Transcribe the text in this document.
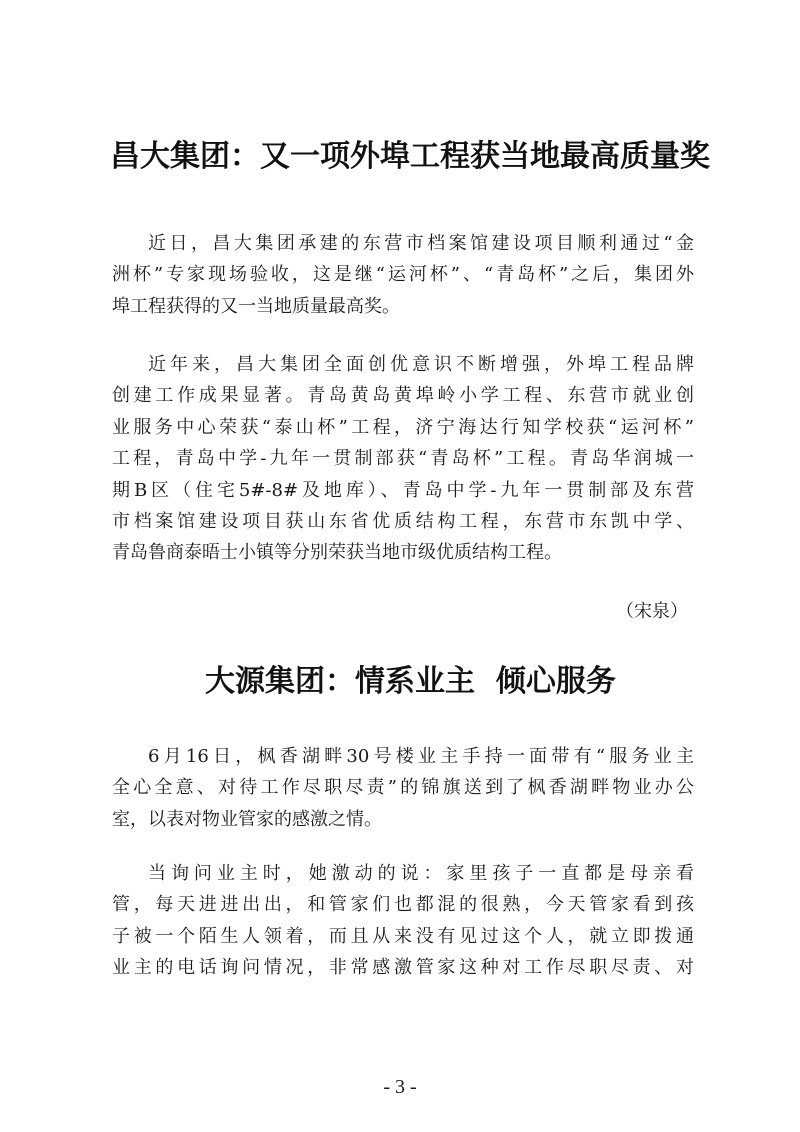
昌大集团：又一项外埠工程获当地最高质量奖
近日，昌大集团承建的东营市档案馆建设项目顺利通过“金
洲杯”专家现场验收，这是继“运河杯”、“青岛杯”之后，集团外
埠工程获得的又一当地质量最高奖。
近年来，昌大集团全面创优意识不断增强，外埠工程品牌
创建工作成果显著。青岛黄岛黄埠岭小学工程、东营市就业创
业服务中心荣获“泰山杯”工程，济宁海达行知学校获“运河杯”
工程，青岛中学-九年一贯制部获“青岛杯”工程。青岛华润城一
期B区（住宅5#-8#及地库）、青岛中学-九年一贯制部及东营
市档案馆建设项目获山东省优质结构工程，东营市东凯中学、
青岛鲁商泰晤士小镇等分别荣获当地市级优质结构工程。

（宋泉）

大源集团：情系业主  倾心服务
6月16日，枫香湖畔30号楼业主手持一面带有“服务业主
全心全意、对待工作尽职尽责”的锦旗送到了枫香湖畔物业办公
室，以表对物业管家的感激之情。
当询问业主时，她激动的说：家里孩子一直都是母亲看
管，每天进进出出，和管家们也都混的很熟，今天管家看到孩
子被一个陌生人领着，而且从来没有见过这个人，就立即拨通
业主的电话询问情况，非常感激管家这种对工作尽职尽责、对

- 3 -
